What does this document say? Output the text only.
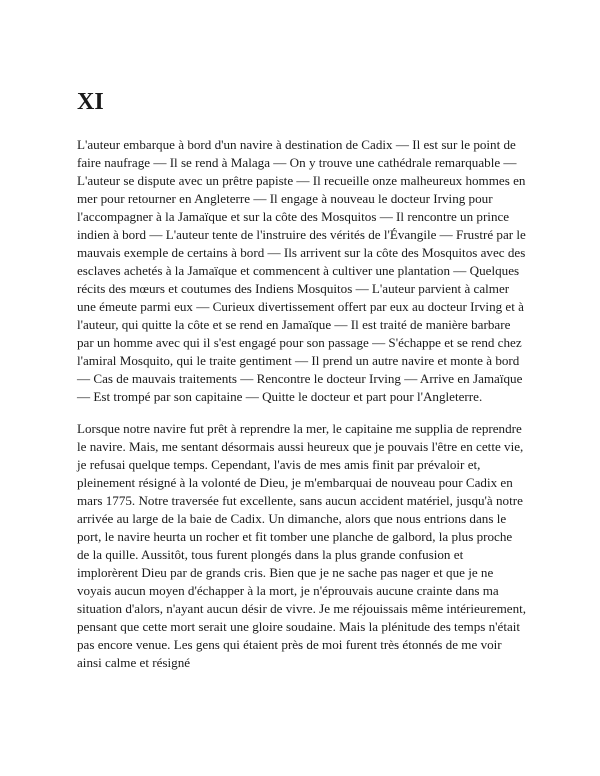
XI

L'auteur embarque à bord d'un navire à destination de Cadix — Il est sur le point de faire naufrage — Il se rend à Malaga — On y trouve une cathédrale remarquable — L'auteur se dispute avec un prêtre papiste — Il recueille onze malheureux hommes en mer pour retourner en Angleterre — Il engage à nouveau le docteur Irving pour l'accompagner à la Jamaïque et sur la côte des Mosquitos — Il rencontre un prince indien à bord — L'auteur tente de l'instruire des vérités de l'Évangile — Frustré par le mauvais exemple de certains à bord — Ils arrivent sur la côte des Mosquitos avec des esclaves achetés à la Jamaïque et commencent à cultiver une plantation — Quelques récits des mœurs et coutumes des Indiens Mosquitos — L'auteur parvient à calmer une émeute parmi eux — Curieux divertissement offert par eux au docteur Irving et à l'auteur, qui quitte la côte et se rend en Jamaïque — Il est traité de manière barbare par un homme avec qui il s'est engagé pour son passage — S'échappe et se rend chez l'amiral Mosquito, qui le traite gentiment — Il prend un autre navire et monte à bord — Cas de mauvais traitements — Rencontre le docteur Irving — Arrive en Jamaïque — Est trompé par son capitaine — Quitte le docteur et part pour l'Angleterre.

Lorsque notre navire fut prêt à reprendre la mer, le capitaine me supplia de reprendre le navire. Mais, me sentant désormais aussi heureux que je pouvais l'être en cette vie, je refusai quelque temps. Cependant, l'avis de mes amis finit par prévaloir et, pleinement résigné à la volonté de Dieu, je m'embarquai de nouveau pour Cadix en mars 1775. Notre traversée fut excellente, sans aucun accident matériel, jusqu'à notre arrivée au large de la baie de Cadix. Un dimanche, alors que nous entrions dans le port, le navire heurta un rocher et fit tomber une planche de galbord, la plus proche de la quille. Aussitôt, tous furent plongés dans la plus grande confusion et implorèrent Dieu par de grands cris. Bien que je ne sache pas nager et que je ne voyais aucun moyen d'échapper à la mort, je n'éprouvais aucune crainte dans ma situation d'alors, n'ayant aucun désir de vivre. Je me réjouissais même intérieurement, pensant que cette mort serait une gloire soudaine. Mais la plénitude des temps n'était pas encore venue. Les gens qui étaient près de moi furent très étonnés de me voir ainsi calme et résigné
